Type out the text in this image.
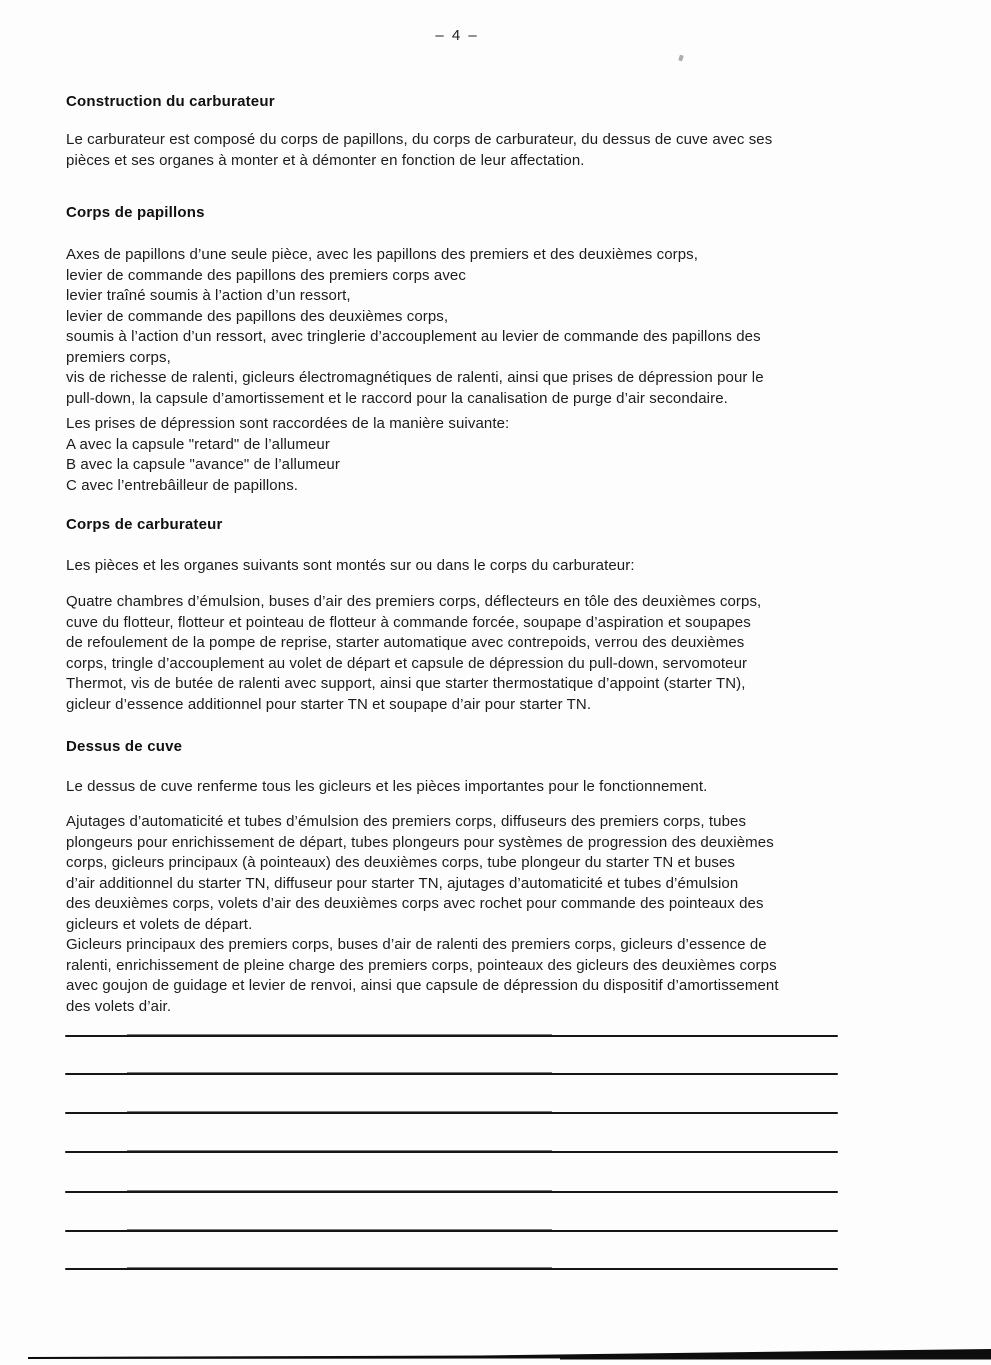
– 4 –
Construction du carburateur
Le carburateur est composé du corps de papillons, du corps de carburateur, du dessus de cuve avec ses
pièces et ses organes à monter et à démonter en fonction de leur affectation.
Corps de papillons
Axes de papillons d’une seule pièce, avec les papillons des premiers et des deuxièmes corps,
levier de commande des papillons des premiers corps avec
levier traîné soumis à l’action d’un ressort,
levier de commande des papillons des deuxièmes corps,
soumis à l’action d’un ressort, avec tringlerie d’accouplement au levier de commande des papillons des
premiers corps,
vis de richesse de ralenti, gicleurs électromagnétiques de ralenti, ainsi que prises de dépression pour le
pull-down, la capsule d’amortissement et le raccord pour la canalisation de purge d’air secondaire.
Les prises de dépression sont raccordées de la manière suivante:
A avec la capsule "retard" de l’allumeur
B avec la capsule "avance" de l’allumeur
C avec l’entrebâilleur de papillons.
Corps de carburateur
Les pièces et les organes suivants sont montés sur ou dans le corps du carburateur:
Quatre chambres d’émulsion, buses d’air des premiers corps, déflecteurs en tôle des deuxièmes corps,
cuve du flotteur, flotteur et pointeau de flotteur à commande forcée, soupape d’aspiration et soupapes
de refoulement de la pompe de reprise, starter automatique avec contrepoids, verrou des deuxièmes
corps, tringle d’accouplement au volet de départ et capsule de dépression du pull-down, servomoteur
Thermot, vis de butée de ralenti avec support, ainsi que starter thermostatique d’appoint (starter TN),
gicleur d’essence additionnel pour starter TN et soupape d’air pour starter TN.
Dessus de cuve
Le dessus de cuve renferme tous les gicleurs et les pièces importantes pour le fonctionnement.
Ajutages d’automaticité et tubes d’émulsion des premiers corps, diffuseurs des premiers corps, tubes
plongeurs pour enrichissement de départ, tubes plongeurs pour systèmes de progression des deuxièmes
corps, gicleurs principaux (à pointeaux) des deuxièmes corps, tube plongeur du starter TN et buses
d’air additionnel du starter TN, diffuseur pour starter TN, ajutages d’automaticité et tubes d’émulsion
des deuxièmes corps, volets d’air des deuxièmes corps avec rochet pour commande des pointeaux des
gicleurs et volets de départ.
Gicleurs principaux des premiers corps, buses d’air de ralenti des premiers corps, gicleurs d’essence de
ralenti, enrichissement de pleine charge des premiers corps, pointeaux des gicleurs des deuxièmes corps
avec goujon de guidage et levier de renvoi, ainsi que capsule de dépression du dispositif d’amortissement
des volets d’air.
